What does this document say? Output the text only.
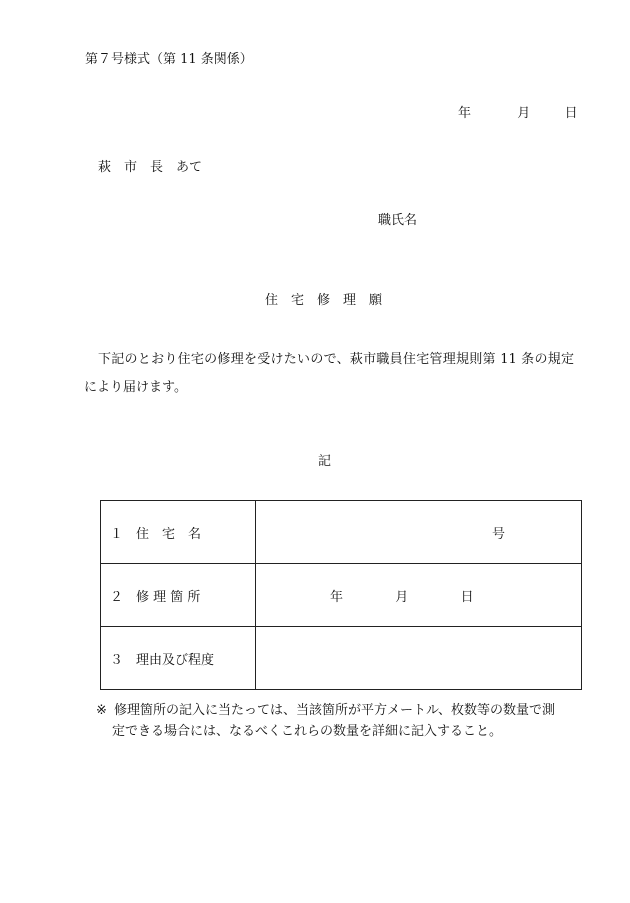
第７号様式（第 11 条関係）
年	月	日
萩　市　長　あて
職氏名
住　宅　修　理　願
下記のとおり住宅の修理を受けたいので、萩市職員住宅管理規則第 11 条の規定により届けます。
記
１　住　宅　名	号

２　修 理 箇 所	年 月 日

３　理由及び程度	
※ 修理箇所の記入に当たっては、当該箇所が平方メートル、枚数等の数量で測
定できる場合には、なるべくこれらの数量を詳細に記入すること。
